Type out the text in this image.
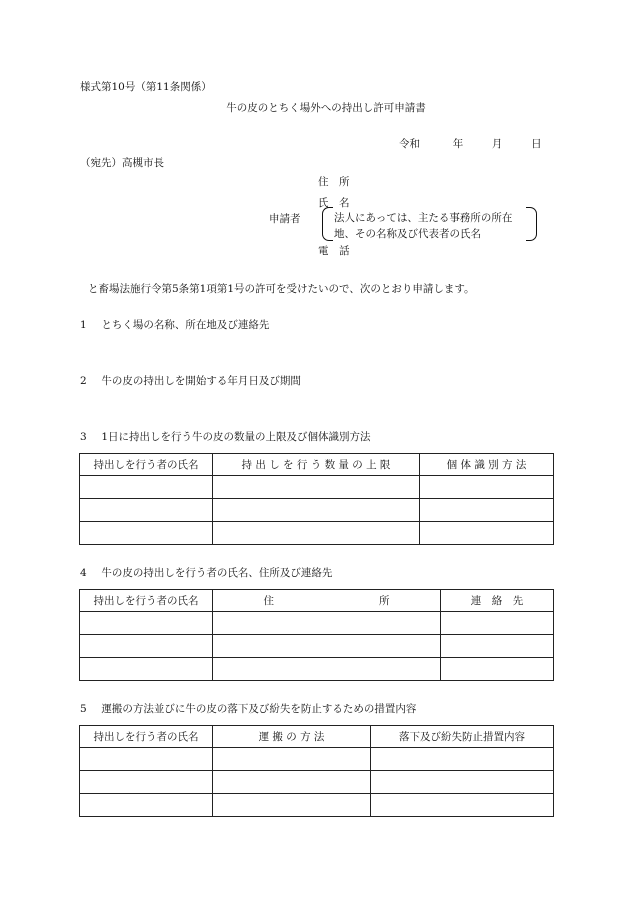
様式第10号（第11条関係）
牛の皮のとちく場外への持出し許可申請書
令和	年	月	日
（宛先）高槻市長
住　所
氏　名
申請者	法人にあっては、主たる事務所の所在
地、その名称及び代表者の氏名
電　話
と畜場法施行令第5条第1項第1号の許可を受けたいので、次のとおり申請します。
1 とちく場の名称、所在地及び連絡先
2 牛の皮の持出しを開始する年月日及び期間
3 1日に持出しを行う牛の皮の数量の上限及び個体識別方法
持出しを行う者の氏名	持 出 し を 行 う 数 量 の 上 限	個 体 識 別 方 法

4 牛の皮の持出しを行う者の氏名、住所及び連絡先
持出しを行う者の氏名	住　　　　　　　　　　所	連　絡　先

5 運搬の方法並びに牛の皮の落下及び紛失を防止するための措置内容
持出しを行う者の氏名	運 搬 の 方 法	落下及び紛失防止措置内容
